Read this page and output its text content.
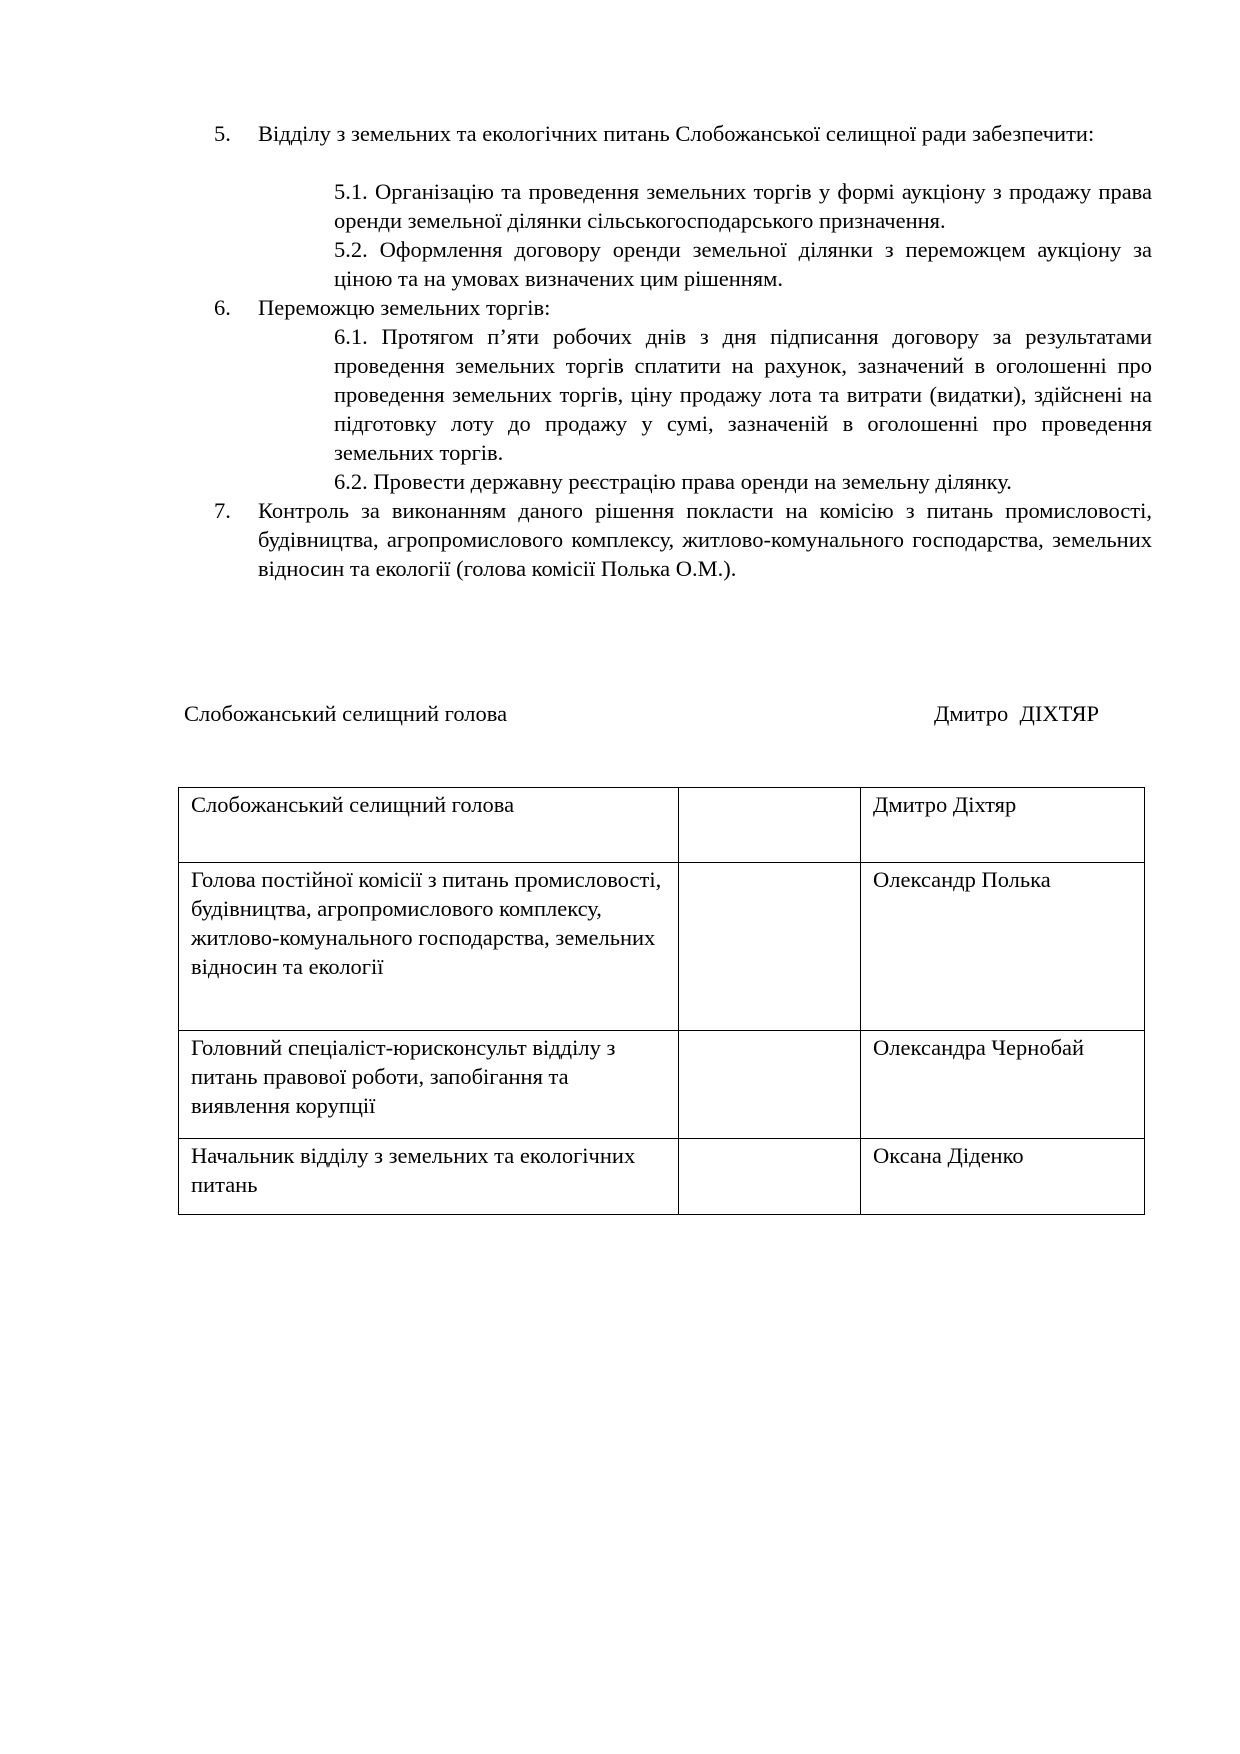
5. Відділу з земельних та екологічних питань Слобожанської селищної ради забезпечити:
5.1. Організацію та проведення земельних торгів у формі аукціону з продажу права оренди земельної ділянки сільськогосподарського призначення.
5.2. Оформлення договору оренди земельної ділянки з переможцем аукціону за ціною та на умовах визначених цим рішенням.
6. Переможцю земельних торгів:
6.1. Протягом п’яти робочих днів з дня підписання договору за результатами проведення земельних торгів сплатити на рахунок, зазначений в оголошенні про проведення земельних торгів, ціну продажу лота та витрати (видатки), здійснені на підготовку лоту до продажу у сумі, зазначеній в оголошенні про проведення земельних торгів.
6.2. Провести державну реєстрацію права оренди на земельну ділянку.
7. Контроль за виконанням даного рішення покласти на комісію з питань промисловості, будівництва, агропромислового комплексу, житлово-комунального господарства, земельних відносин та екології (голова комісії Полька О.М.).
Слобожанський селищний голова	Дмитро  ДІХТЯР
Слобожанський селищний голова		Дмитро Діхтяр
Голова постійної комісії з питань промисловості, будівництва, агропромислового комплексу, житлово-комунального господарства, земельних відносин та екології		Олександр Полька
Головний спеціаліст-юрисконсульт відділу з питань правової роботи, запобігання та виявлення корупції		Олександра Чернобай
Начальник відділу з земельних та екологічних питань		Оксана Діденко
